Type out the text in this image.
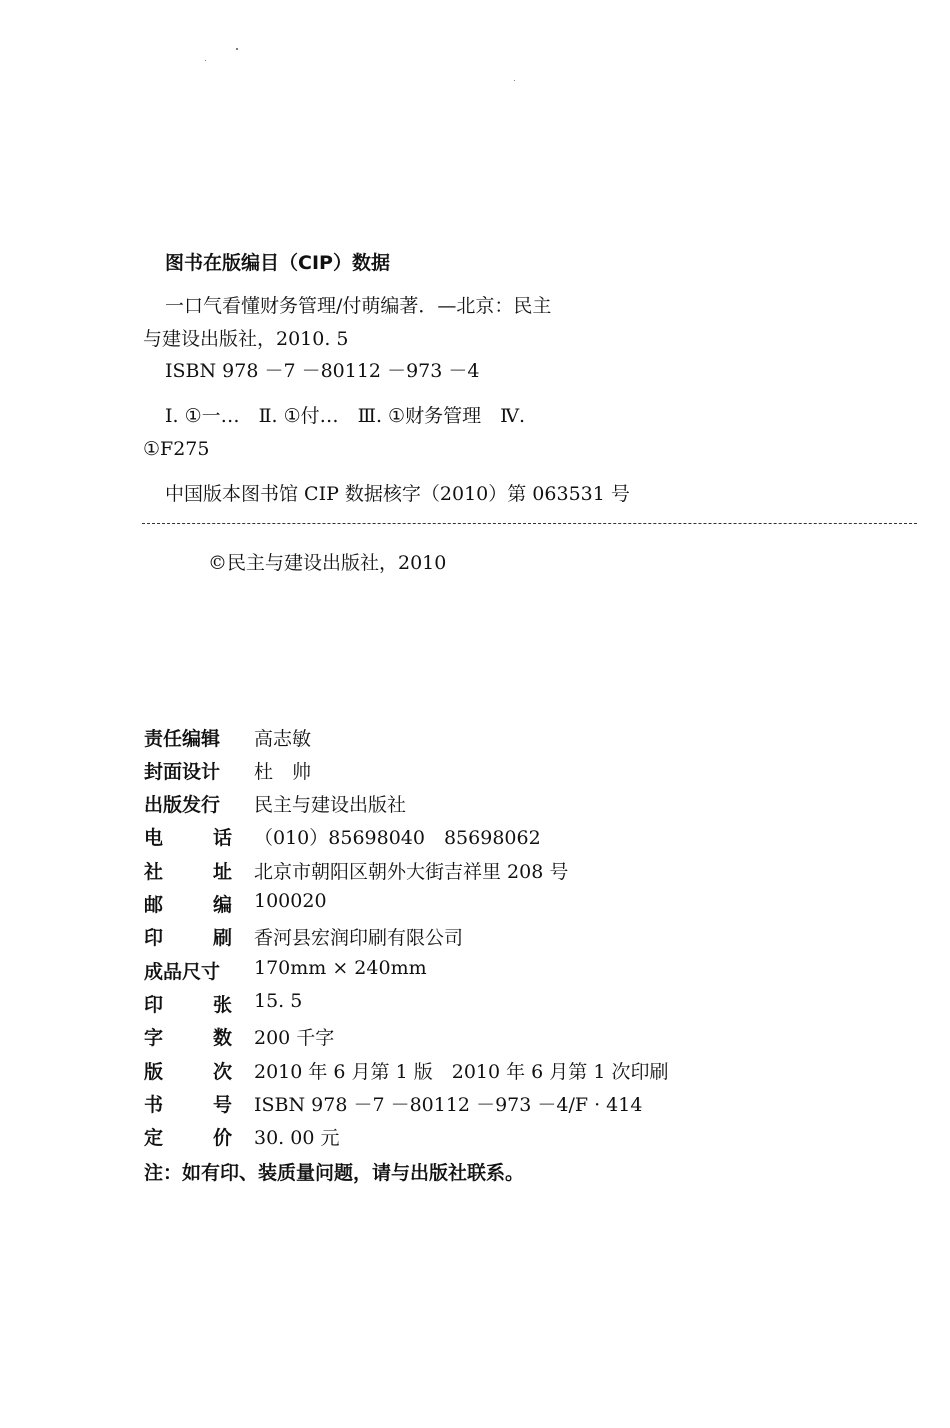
图书在版编目（CIP）数据
一口气看懂财务管理/付萌编著．—北京：民主
与建设出版社，2010. 5
ISBN 978 －7 －80112 －973 －4
Ⅰ. ①一…　Ⅱ. ①付…　Ⅲ. ①财务管理　Ⅳ.
①F275
中国版本图书馆 CIP 数据核字（2010）第 063531 号
©民主与建设出版社，2010
责任编辑 高志敏
封面设计 杜　帅
出版发行 民主与建设出版社
电	话 （010）85698040　85698062
社	址 北京市朝阳区朝外大街吉祥里 208 号
邮	编 100020
印	刷 香河县宏润印刷有限公司
成品尺寸 170mm × 240mm
印	张 15. 5
字	数 200 千字
版	次 2010 年 6 月第 1 版　2010 年 6 月第 1 次印刷
书	号 ISBN 978 －7 －80112 －973 －4/F · 414
定	价 30. 00 元
注：如有印、装质量问题，请与出版社联系。
